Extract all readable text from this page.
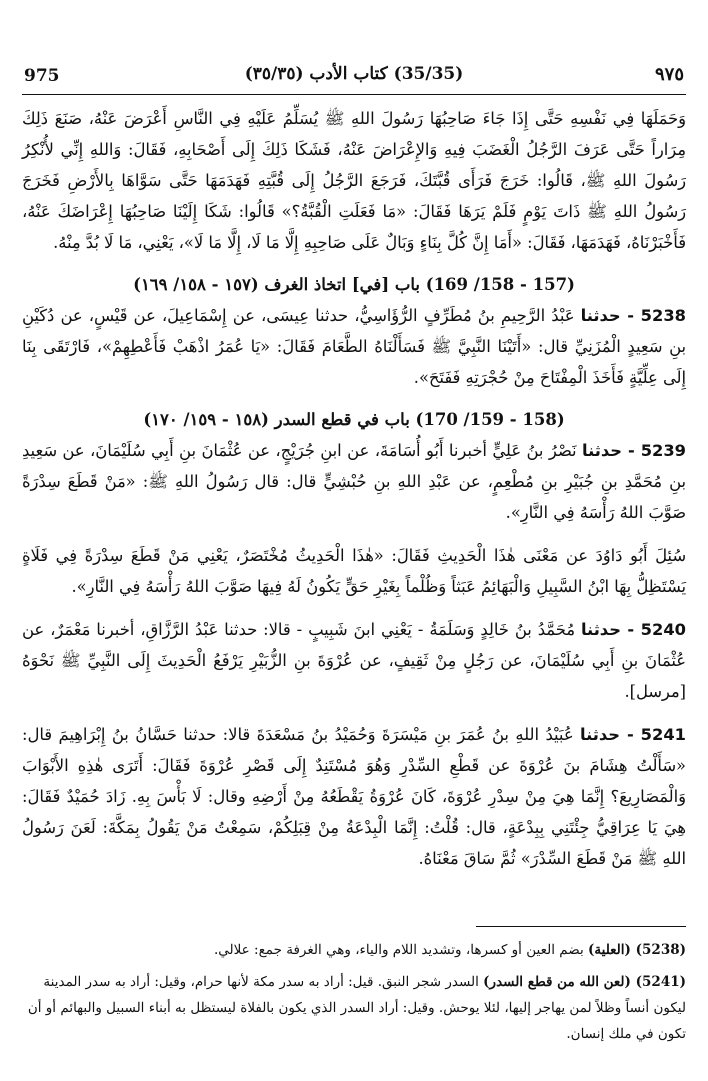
975	(35/35) كتاب الأدب (٣٥/٣٥)	٩٧٥

وَحَمَلَهَا فِي نَفْسِهِ حَتَّى إِذَا جَاءَ صَاحِبُهَا رَسُولَ اللهِ ﷺ يُسَلِّمُ عَلَيْهِ فِي النَّاسِ أَعْرَضَ عَنْهُ، صَنَعَ ذَلِكَ مِرَاراً حَتَّى عَرَفَ الرَّجُلُ الْغَضَبَ فِيهِ وَالإِعْرَاضَ عَنْهُ، فَشَكَا ذَلِكَ إِلَى أَصْحَابِهِ، فَقَالَ: وَاللهِ إِنِّي لأُنْكِرُ رَسُولَ اللهِ ﷺ، قَالُوا: خَرَجَ فَرَأَى قُبَّتَكَ، فَرَجَعَ الرَّجُلُ إِلَى قُبَّتِهِ فَهَدَمَهَا حَتَّى سَوَّاهَا بِالأَرْضِ فَخَرَجَ رَسُولُ اللهِ ﷺ ذَاتَ يَوْمٍ فَلَمْ يَرَهَا فَقَالَ: «مَا فَعَلَتِ الْقُبَّةُ؟» قَالُوا: شَكَا إِلَيْنَا صَاحِبُهَا إِعْرَاضَكَ عَنْهُ، فَأَخْبَرْنَاهُ، فَهَدَمَهَا، فَقَالَ: «أَمَا إِنَّ كُلَّ بِنَاءٍ وَبَالٌ عَلَى صَاحِبِهِ إِلَّا مَا لَا، إِلَّا مَا لَا»، يَعْنِي، مَا لَا بُدَّ مِنْهُ.

(157 - 158/ 169) باب [في] اتخاذ الغرف (١٥٧ - ١٥٨/ ١٦٩)

5238 - حدثنا عَبْدُ الرَّحِيمِ بنُ مُطَرِّفٍ الرُّؤَاسِيُّ، حدثنا عِيسَى، عن إِسْمَاعِيلَ، عن قَيْسٍ، عن دُكَيْنِ بنِ سَعِيدٍ الْمُزَنِيِّ قال: «أَتَيْنَا النَّبِيَّ ﷺ فَسَأَلْنَاهُ الطَّعَامَ فَقَالَ: «يَا عُمَرُ اذْهَبْ فَأَعْطِهِمْ»، فَارْتَقَى بِنَا إِلَى عِلِّيَّةٍ فَأَخَذَ الْمِفْتَاحَ مِنْ حُجْرَتِهِ فَفَتَحَ».

(158 - 159/ 170) باب في قطع السدر (١٥٨ - ١٥٩/ ١٧٠)

5239 - حدثنا نَصْرُ بنُ عَلِيٍّ أخبرنا أَبُو أُسَامَةَ، عن ابنِ جُرَيْجٍ، عن عُثْمَانَ بنِ أَبِي سُلَيْمَانَ، عن سَعِيدِ بنِ مُحَمَّدِ بنِ جُبَيْرِ بنِ مُطْعِمٍ، عن عَبْدِ اللهِ بنِ حُبْشِيٍّ قال: قال رَسُولُ اللهِ ﷺ: «مَنْ قَطَعَ سِدْرَةً صَوَّبَ اللهُ رَأْسَهُ فِي النَّارِ».

سُئِلَ أَبُو دَاوُدَ عن مَعْنَى هٰذَا الْحَدِيثِ فَقَالَ: «هٰذَا الْحَدِيثُ مُخْتَصَرٌ، يَعْنِي مَنْ قَطَعَ سِدْرَةً فِي فَلَاةٍ يَسْتَظِلُّ بِهَا ابْنُ السَّبِيلِ وَالْبَهَائِمُ عَبَثاً وَظُلْماً بِغَيْرِ حَقٍّ يَكُونُ لَهُ فِيهَا صَوَّبَ اللهُ رَأْسَهُ فِي النَّارِ».

5240 - حدثنا مُحَمَّدُ بنُ خَالِدٍ وَسَلَمَةُ - يَعْنِي ابنَ شَبِيبٍ - قالا: حدثنا عَبْدُ الرَّزَّاقِ، أخبرنا مَعْمَرٌ، عن عُثْمَانَ بنِ أَبِي سُلَيْمَانَ، عن رَجُلٍ مِنْ ثَقِيفٍ، عن عُرْوَةَ بنِ الزُّبَيْرِ يَرْفَعُ الْحَدِيثَ إِلَى النَّبِيِّ ﷺ نَحْوَهُ [مرسل].

5241 - حدثنا عُبَيْدُ اللهِ بنُ عُمَرَ بنِ مَيْسَرَةَ وَحُمَيْدُ بنُ مَسْعَدَةَ قالا: حدثنا حَسَّانُ بنُ إِبْرَاهِيمَ قال: «سَأَلْتُ هِشَامَ بنَ عُرْوَةَ عن قَطْعِ السِّدْرِ وَهُوَ مُسْتَنِدٌ إِلَى قَصْرِ عُرْوَةَ فَقَالَ: أَتَرَى هٰذِهِ الأَبْوَابَ وَالْمَصَارِيعَ؟ إِنَّمَا هِيَ مِنْ سِدْرِ عُرْوَةَ، كَانَ عُرْوَةُ يَقْطَعُهُ مِنْ أَرْضِهِ وقال: لَا بَأْسَ بِهِ. زَادَ حُمَيْدٌ فَقَالَ: هِيَ يَا عِرَاقِيُّ جِئْتَنِي بِبِدْعَةٍ، قال: قُلْتُ: إِنَّمَا الْبِدْعَةُ مِنْ قِبَلِكُمْ، سَمِعْتُ مَنْ يَقُولُ بِمَكَّةَ: لَعَنَ رَسُولُ اللهِ ﷺ مَنْ قَطَعَ السِّدْرَ» ثُمَّ سَاقَ مَعْنَاهُ.

(5238) (العلية) بضم العين أو كسرها، وتشديد اللام والياء، وهي الغرفة جمع: علالي.

(5241) (لعن الله من قطع السدر) السدر شجر النبق. قيل: أراد به سدر مكة لأنها حرام، وقيل: أراد به سدر المدينة ليكون أنساً وظلاً لمن يهاجر إليها، لئلا يوحش. وقيل: أراد السدر الذي يكون بالفلاة ليستظل به أبناء السبيل والبهائم أو أن تكون في ملك إنسان.
